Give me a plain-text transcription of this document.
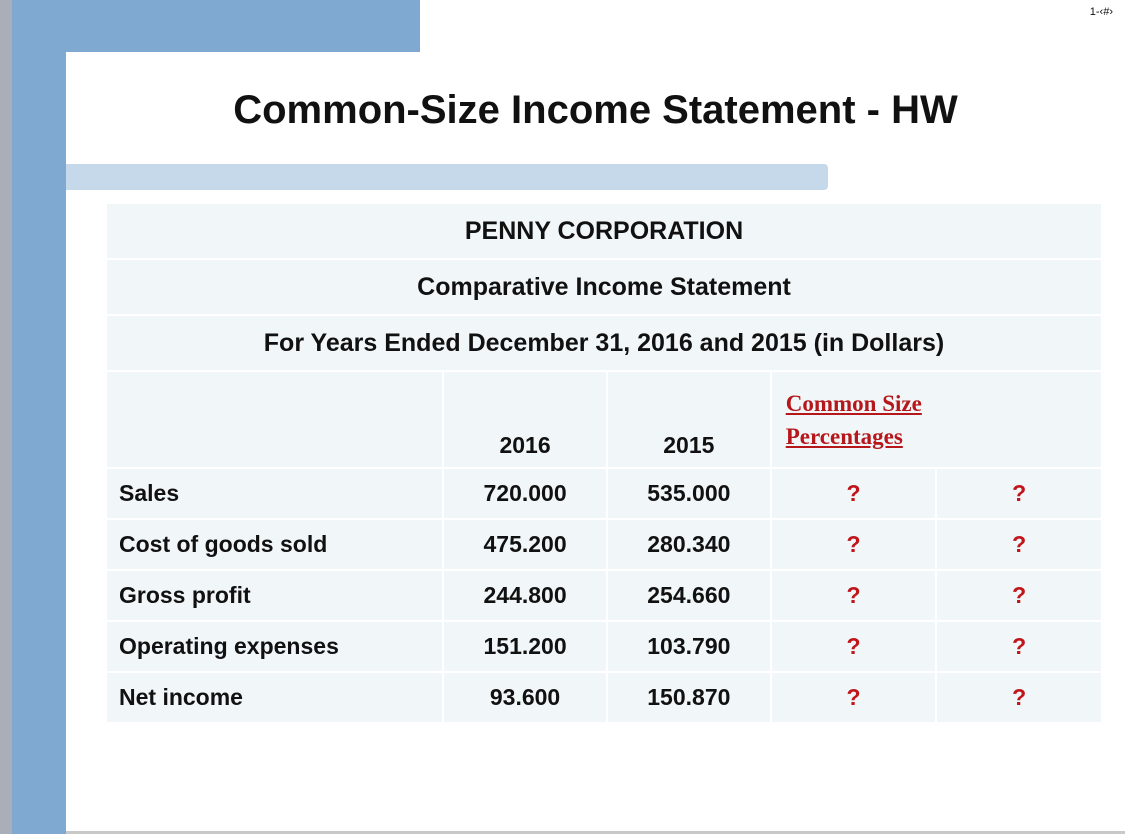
1-‹#›
Common-Size Income Statement - HW
PENNY CORPORATION				
Comparative Income Statement				
For Years Ended December 31, 2016 and 2015 (in Dollars)				
	2016	2015	Common Size
Percentages	
Sales	720.000	535.000	?	?
Cost of goods sold	475.200	280.340	?	?
Gross profit	244.800	254.660	?	?
Operating expenses	151.200	103.790	?	?
Net income	93.600	150.870	?	?
